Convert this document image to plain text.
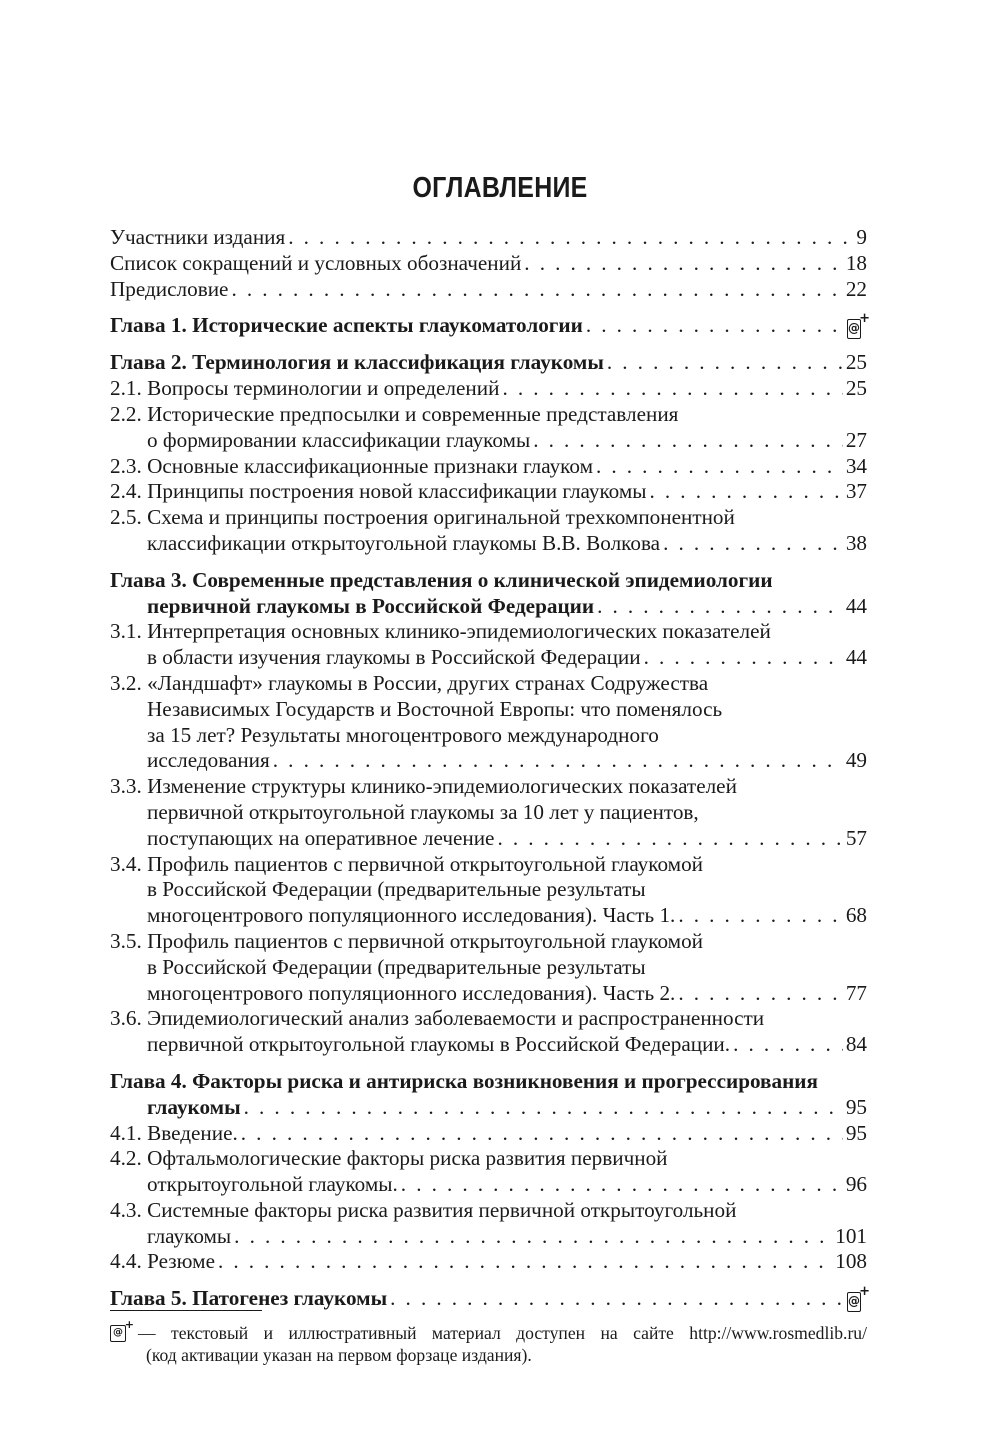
ОГЛАВЛЕНИЕ
Участники издания . . .	9
Список сокращений и условных обозначений . . .	18
Предисловие . . .	22
Глава 1. Исторические аспекты глаукоматологии . . .	@
+
Глава 2. Терминология и классификация глаукомы . . .	25
2.1. Вопросы терминологии и определений . . .	25
2.2. Исторические предпосылки и современные представления
о формировании классификации глаукомы . . .	27
2.3. Основные классификационные признаки глауком . . .	34
2.4. Принципы построения новой классификации глаукомы . . .	37
2.5. Схема и принципы построения оригинальной трехкомпонентной
классификации открытоугольной глаукомы В.В. Волкова . . .	38
Глава 3. Современные представления о клинической эпидемиологии
первичной глаукомы в Российской Федерации . . .	44
3.1. Интерпретация основных клинико-эпидемиологических показателей
в области изучения глаукомы в Российской Федерации . . .	44
3.2. «Ландшафт» глаукомы в России, других странах Содружества
Независимых Государств и Восточной Европы: что поменялось
за 15 лет? Результаты многоцентрового международного
исследования . . .	49
3.3. Изменение структуры клинико-эпидемиологических показателей
первичной открытоугольной глаукомы за 10 лет у пациентов,
поступающих на оперативное лечение . . .	57
3.4. Профиль пациентов с первичной открытоугольной глаукомой
в Российской Федерации (предварительные результаты
многоцентрового популяционного исследования). Часть 1. . . .	68
3.5. Профиль пациентов с первичной открытоугольной глаукомой
в Российской Федерации (предварительные результаты
многоцентрового популяционного исследования). Часть 2. . . .	77
3.6. Эпидемиологический анализ заболеваемости и распространенности
первичной открытоугольной глаукомы в Российской Федерации. . . .	84
Глава 4. Факторы риска и антириска возникновения и прогрессирования
глаукомы . . .	95
4.1. Введение. . . .	95
4.2. Офтальмологические факторы риска развития первичной
открытоугольной глаукомы. . . .	96
4.3. Системные факторы риска развития первичной открытоугольной
глаукомы . . .	101
4.4. Резюме . . .	108
Глава 5. Патогенез глаукомы . . .	@
+
@
+ — текстовый и иллюстративный материал доступен на сайте http://www.rosmedlib.ru/
(код активации указан на первом форзаце издания).
